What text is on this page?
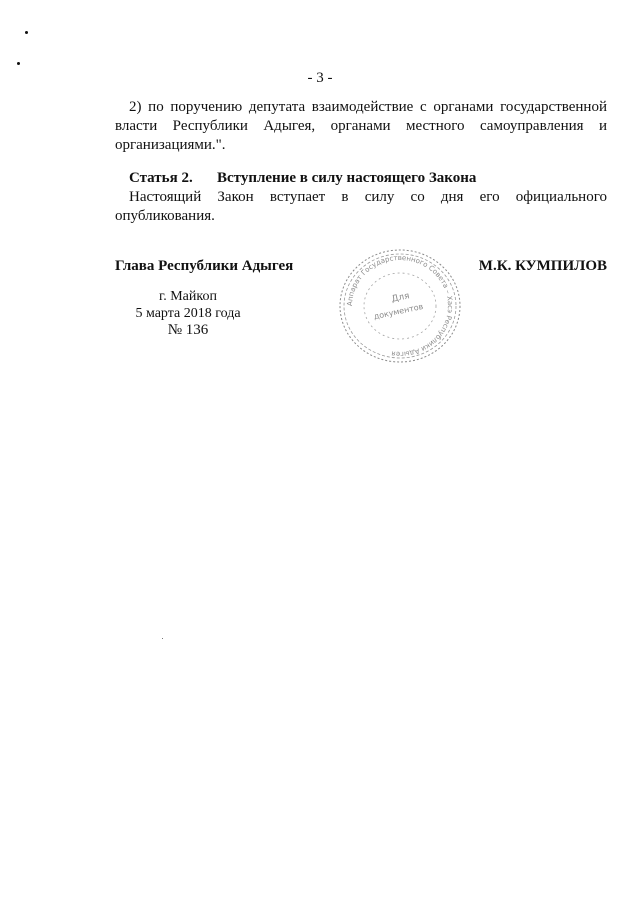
- 3 -

2) по поручению депутата взаимодействие с органами государственной власти Республики Адыгея, органами местного самоуправления и организациями.".

Статья 2. Вступление в силу настоящего Закона

Настоящий Закон вступает в силу со дня его официального опубликования.

Глава Республики Адыгея	М.К. КУМПИЛОВ
г. Майкоп
5 марта 2018 года
№ 136
Аппарат Государственного Совета – Хасэ Республики Адыгея
Для
документов
